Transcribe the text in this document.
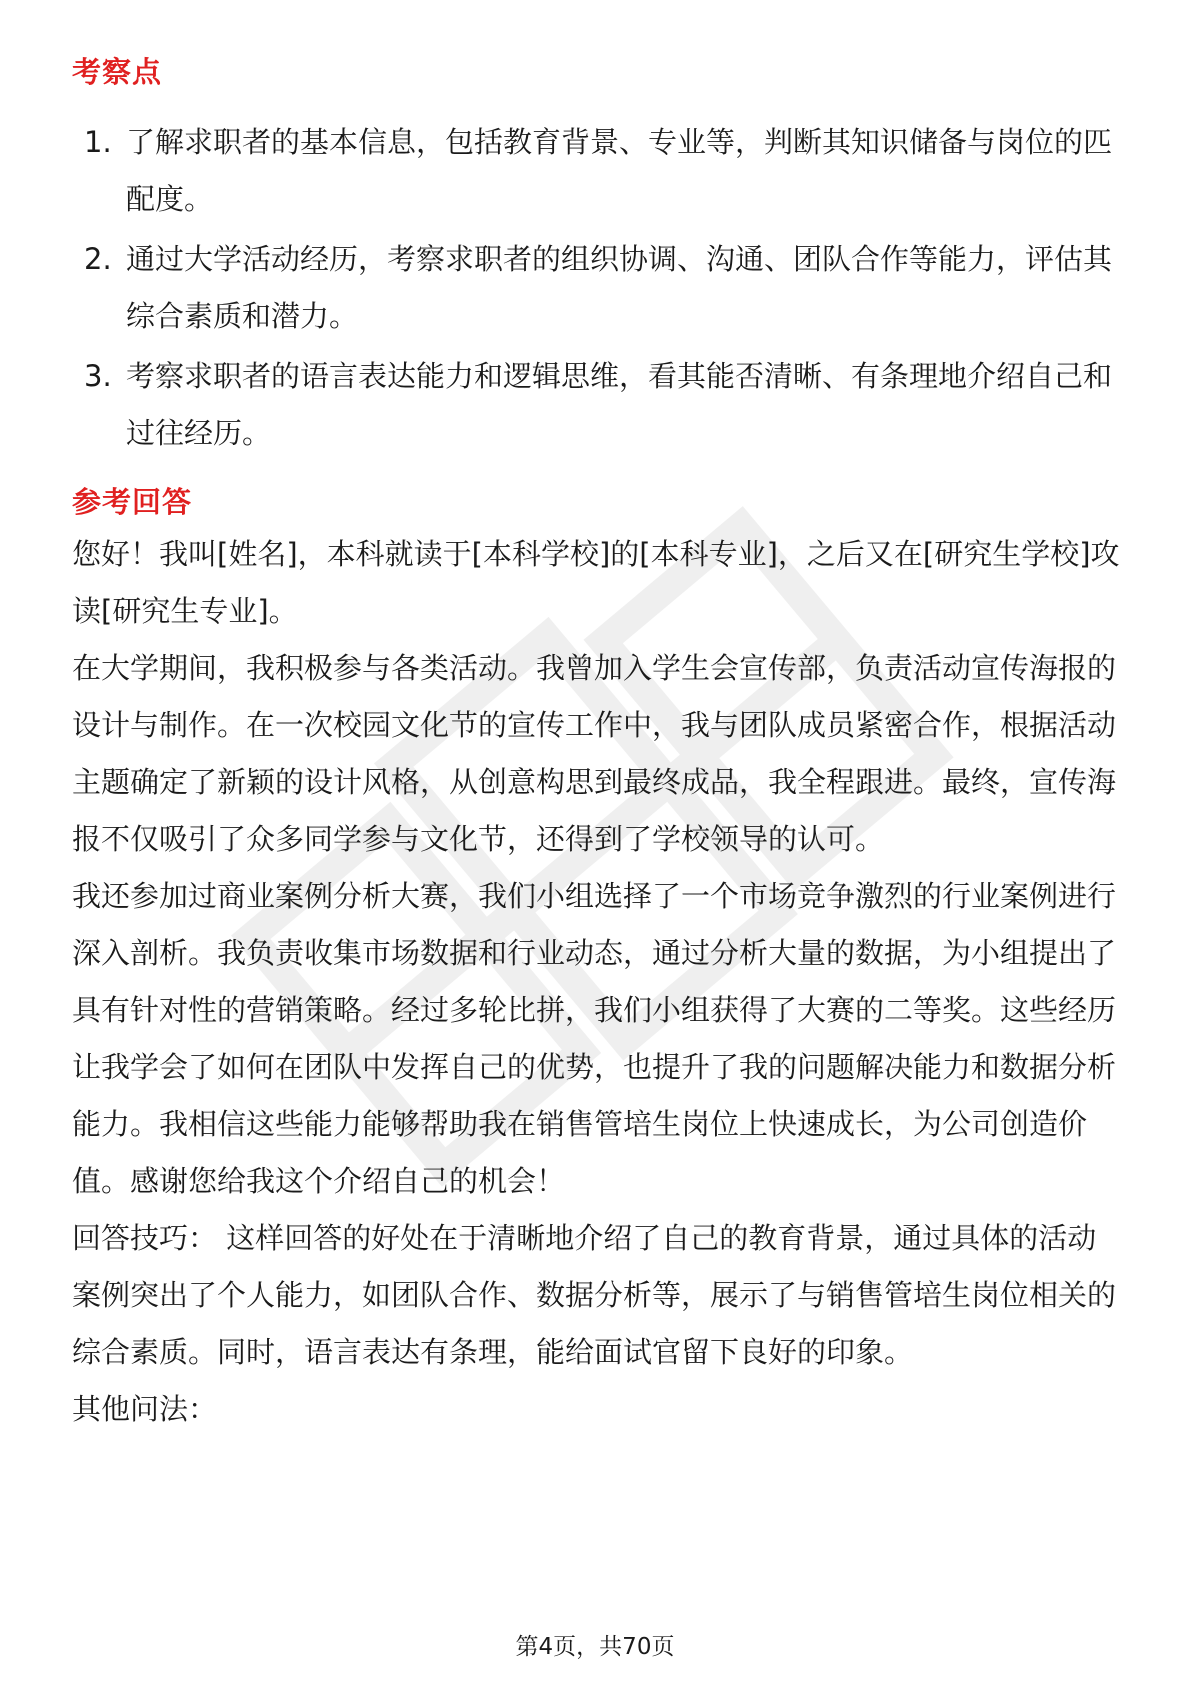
考察点
1. 了解求职者的基本信息，包括教育背景、专业等，判断其知识储备与岗位的匹配度。
2. 通过大学活动经历，考察求职者的组织协调、沟通、团队合作等能力，评估其综合素质和潜力。
3. 考察求职者的语言表达能力和逻辑思维，看其能否清晰、有条理地介绍自己和过往经历。
参考回答

您好！我叫[姓名]，本科就读于[本科学校]的[本科专业]，之后又在[研究生学校]攻读[研究生专业]。

在大学期间，我积极参与各类活动。我曾加入学生会宣传部，负责活动宣传海报的设计与制作。在一次校园文化节的宣传工作中，我与团队成员紧密合作，根据活动主题确定了新颖的设计风格，从创意构思到最终成品，我全程跟进。最终，宣传海报不仅吸引了众多同学参与文化节，还得到了学校领导的认可。

我还参加过商业案例分析大赛，我们小组选择了一个市场竞争激烈的行业案例进行深入剖析。我负责收集市场数据和行业动态，通过分析大量的数据，为小组提出了具有针对性的营销策略。经过多轮比拼，我们小组获得了大赛的二等奖。这些经历让我学会了如何在团队中发挥自己的优势，也提升了我的问题解决能力和数据分析能力。我相信这些能力能够帮助我在销售管培生岗位上快速成长，为公司创造价值。感谢您给我这个介绍自己的机会！

回答技巧： 这样回答的好处在于清晰地介绍了自己的教育背景，通过具体的活动案例突出了个人能力，如团队合作、数据分析等，展示了与销售管培生岗位相关的综合素质。同时，语言表达有条理，能给面试官留下良好的印象。

其他问法：

第4页，共70页
